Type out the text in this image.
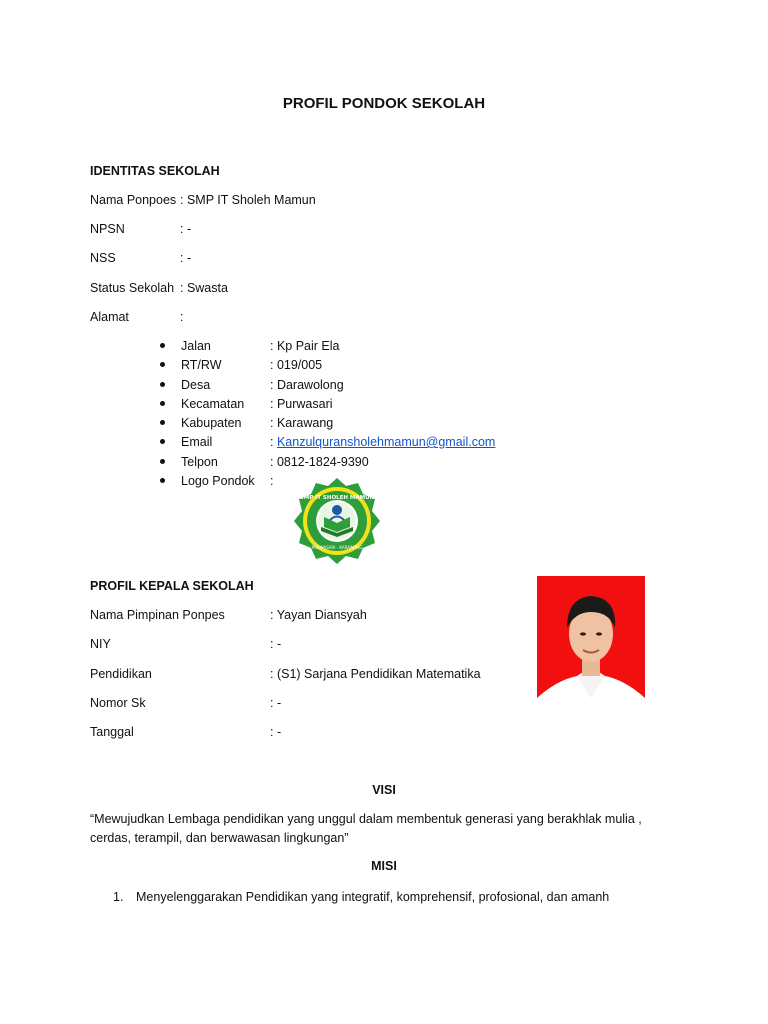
PROFIL PONDOK SEKOLAH
IDENTITAS SEKOLAH
Nama Ponpoes : SMP IT Sholeh Mamun
NPSN	: -
NSS	: -
Status Sekolah : Swasta
Alamat	:
Jalan	: Kp Pair Ela
RT/RW	: 019/005
Desa	: Darawolong
Kecamatan : Purwasari
Kabupaten : Karawang
Email	: Kanzulquransholehmamun@gmail.com
Telpon	: 0812-1824-9390
Logo Pondok :
SMP IT SHOLEH MAMUN
PURWASARI - KARAWANG
PROFIL KEPALA SEKOLAH
Nama Pimpinan Ponpes	: Yayan Diansyah
NIY	: -
Pendidikan	: (S1) Sarjana Pendidikan Matematika
Nomor Sk	: -
Tanggal	: -
VISI
“Mewujudkan Lembaga pendidikan yang unggul dalam membentuk generasi yang berakhlak mulia ,
cerdas, terampil, dan berwawasan lingkungan”
MISI
1. Menyelenggarakan Pendidikan yang integratif, komprehensif, profosional, dan amanh
